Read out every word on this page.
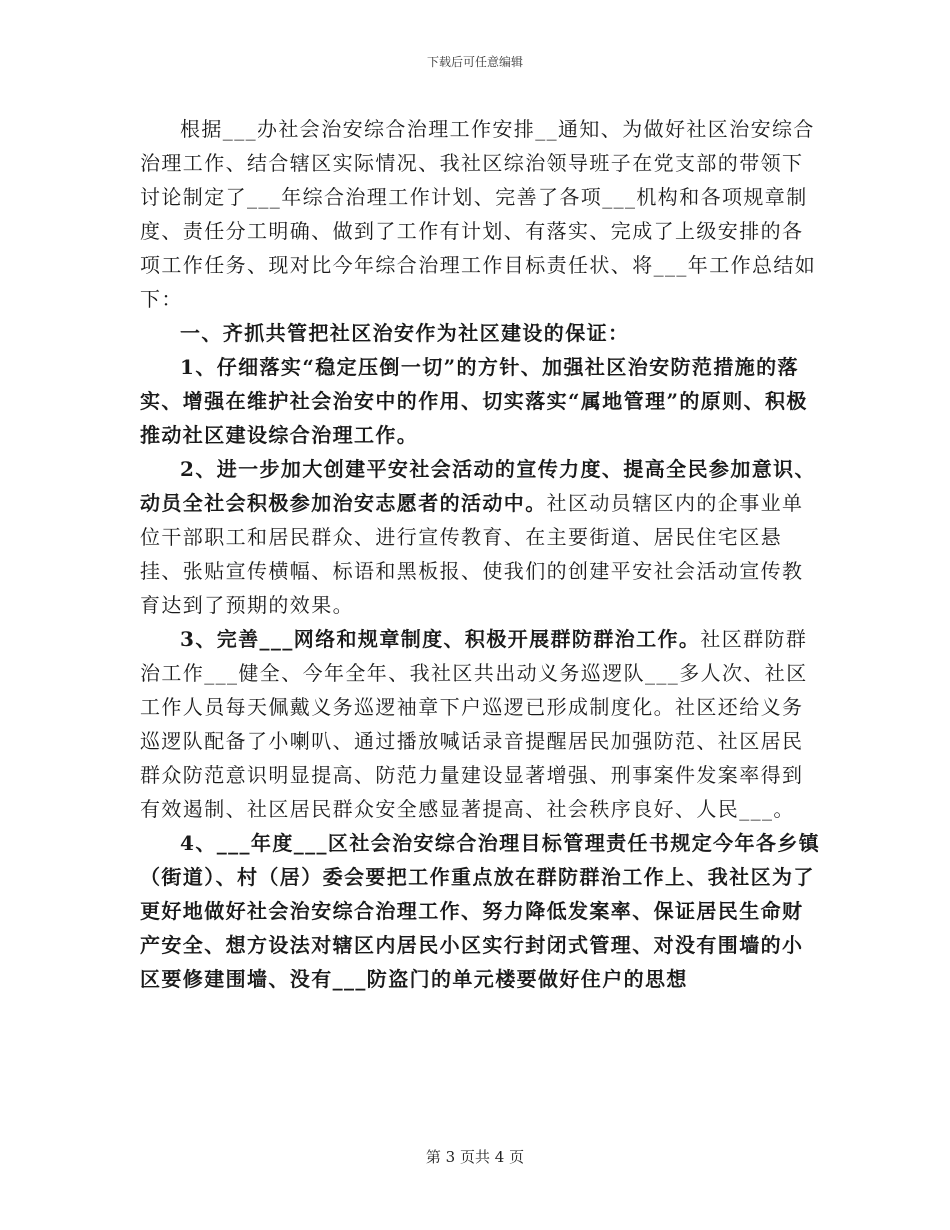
下载后可任意编辑

根据___办社会治安综合治理工作安排__通知、为做好社区治安综合治理工作、结合辖区实际情况、我社区综治领导班子在党支部的带领下讨论制定了___年综合治理工作计划、完善了各项___机构和各项规章制度、责任分工明确、做到了工作有计划、有落实、完成了上级安排的各项工作任务、现对比今年综合治理工作目标责任状、将___年工作总结如下：

一、齐抓共管把社区治安作为社区建设的保证：

1、仔细落实“稳定压倒一切”的方针、加强社区治安防范措施的落实、增强在维护社会治安中的作用、切实落实“属地管理”的原则、积极推动社区建设综合治理工作。

2、进一步加大创建平安社会活动的宣传力度、提高全民参加意识、动员全社会积极参加治安志愿者的活动中。社区动员辖区内的企事业单位干部职工和居民群众、进行宣传教育、在主要街道、居民住宅区悬挂、张贴宣传横幅、标语和黑板报、使我们的创建平安社会活动宣传教育达到了预期的效果。

3、完善___网络和规章制度、积极开展群防群治工作。社区群防群治工作___健全、今年全年、我社区共出动义务巡逻队___多人次、社区工作人员每天佩戴义务巡逻袖章下户巡逻已形成制度化。社区还给义务巡逻队配备了小喇叭、通过播放喊话录音提醒居民加强防范、社区居民群众防范意识明显提高、防范力量建设显著增强、刑事案件发案率得到有效遏制、社区居民群众安全感显著提高、社会秩序良好、人民___。

4、___年度___区社会治安综合治理目标管理责任书规定今年各乡镇（街道）、村（居）委会要把工作重点放在群防群治工作上、我社区为了更好地做好社会治安综合治理工作、努力降低发案率、保证居民生命财产安全、想方设法对辖区内居民小区实行封闭式管理、对没有围墙的小区要修建围墙、没有___防盗门的单元楼要做好住户的思想

第 3 页共 4 页
